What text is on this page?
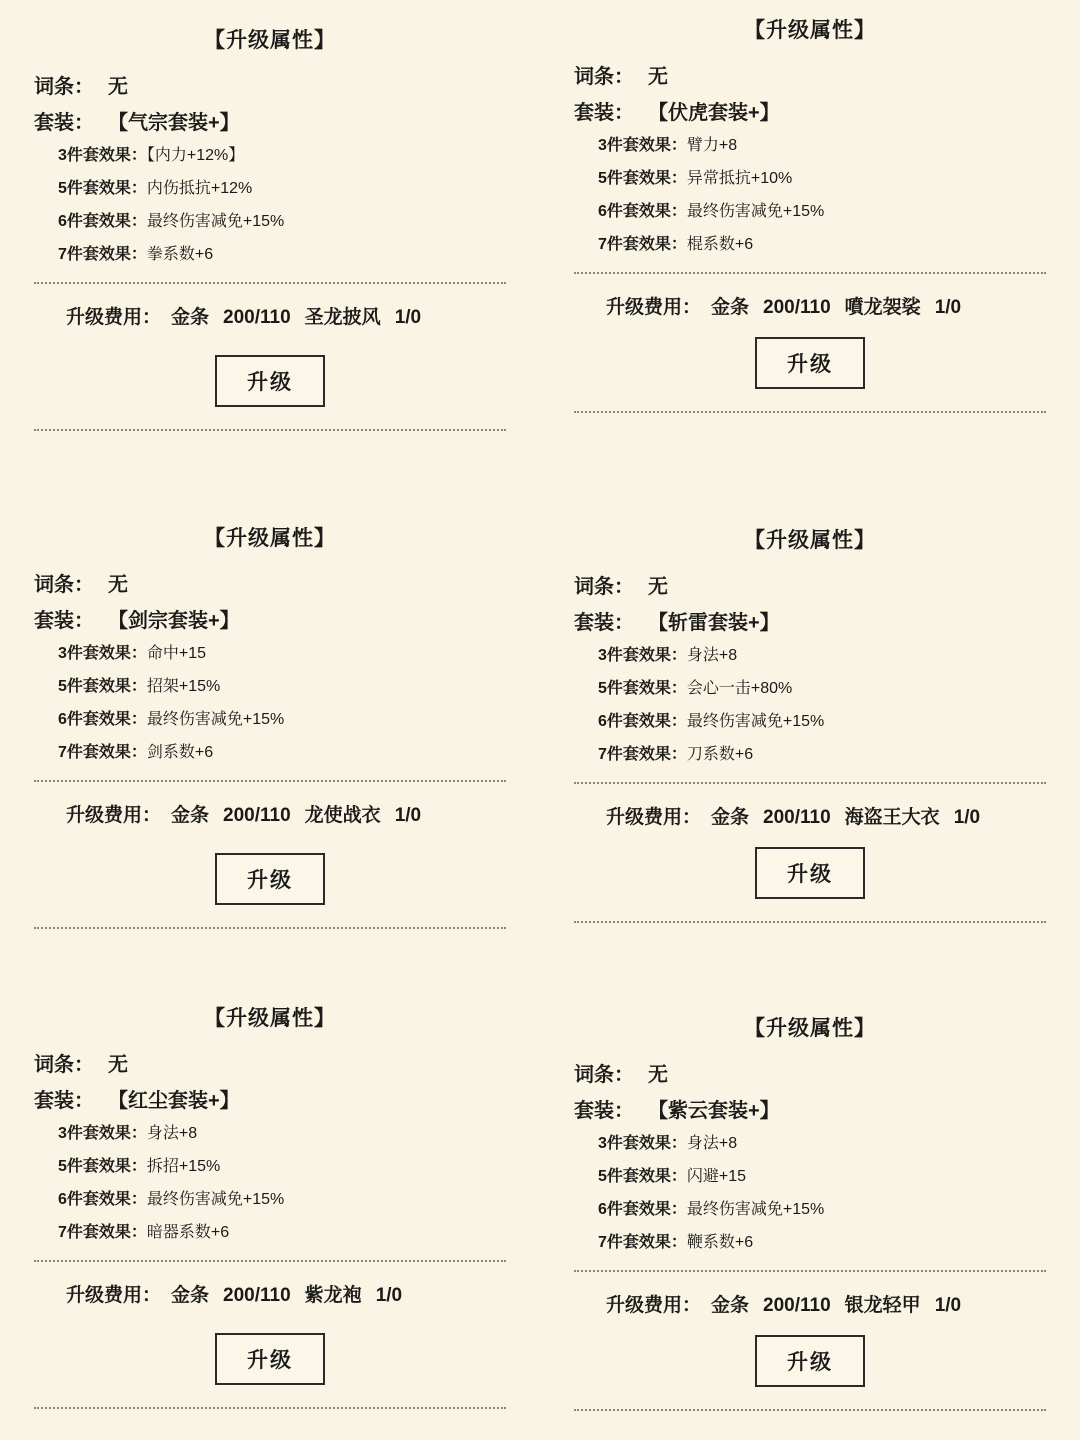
【升级属性】
词条： 无
套装： 【气宗套装+】
3件套效果：【内力+12%】
5件套效果：内伤抵抗+12%
6件套效果：最终伤害减免+15%
7件套效果：拳系数+6
升级费用： 金条 200/110 圣龙披风 1/0
升级
【升级属性】
词条： 无
套装： 【伏虎套装+】
3件套效果：臂力+8
5件套效果：异常抵抗+10%
6件套效果：最终伤害减免+15%
7件套效果：棍系数+6
升级费用： 金条 200/110 噴龙袈裟 1/0
升级
【升级属性】
词条： 无
套装： 【剑宗套装+】
3件套效果：命中+15
5件套效果：招架+15%
6件套效果：最终伤害减免+15%
7件套效果：剑系数+6
升级费用： 金条 200/110 龙使战衣 1/0
升级
【升级属性】
词条： 无
套装： 【斩雷套装+】
3件套效果：身法+8
5件套效果：会心一击+80%
6件套效果：最终伤害减免+15%
7件套效果：刀系数+6
升级费用： 金条 200/110 海盗王大衣 1/0
升级
【升级属性】
词条： 无
套装： 【红尘套装+】
3件套效果：身法+8
5件套效果：拆招+15%
6件套效果：最终伤害减免+15%
7件套效果：暗器系数+6
升级费用： 金条 200/110 紫龙袍 1/0
升级
【升级属性】
词条： 无
套装： 【紫云套装+】
3件套效果：身法+8
5件套效果：闪避+15
6件套效果：最终伤害减免+15%
7件套效果：鞭系数+6
升级费用： 金条 200/110 银龙轻甲 1/0
升级
